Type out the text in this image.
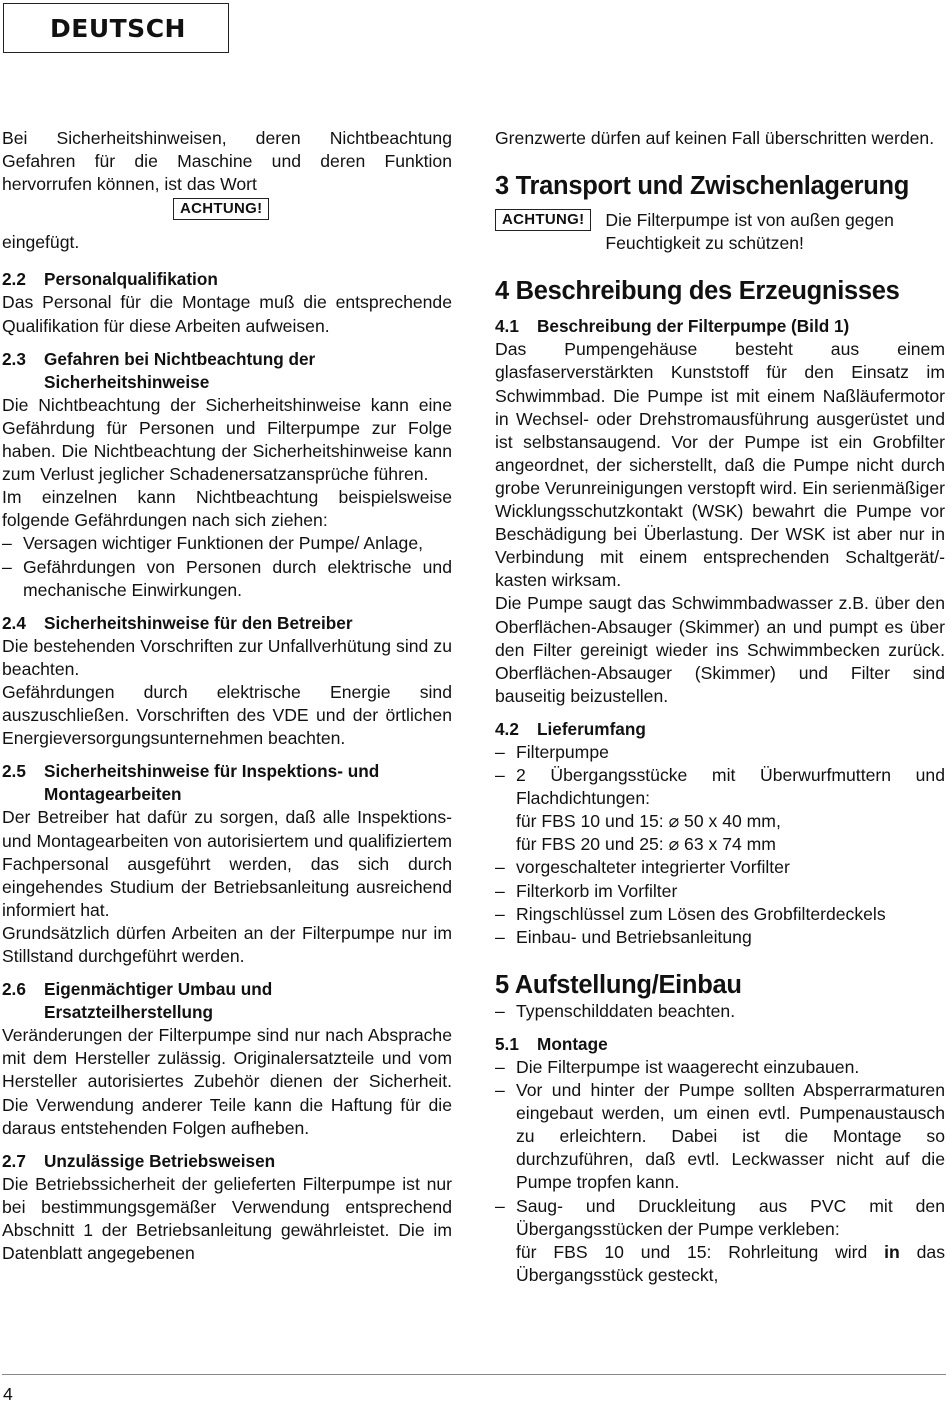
DEUTSCH

Bei Sicherheitshinweisen, deren Nichtbeachtung Gefahren für die Maschine und deren Funktion hervorrufen können, ist das Wort

ACHTUNG!

eingefügt.

2.2 Personalqualifikation

Das Personal für die Montage muß die entsprechende Qualifikation für diese Arbeiten aufweisen.

2.3 Gefahren bei Nichtbeachtung der
Sicherheitshinweise

Die Nichtbeachtung der Sicherheitshinweise kann eine Gefährdung für Personen und Filterpumpe zur Folge haben. Die Nichtbeachtung der Sicherheitshinweise kann zum Verlust jeglicher Schadenersatzansprüche führen.

Im einzelnen kann Nichtbeachtung beispielsweise folgende Gefährdungen nach sich ziehen:

– Versagen wichtiger Funktionen der Pumpe/ Anlage,
– Gefährdungen von Personen durch elektrische und mechanische Einwirkungen.

2.4 Sicherheitshinweise für den Betreiber

Die bestehenden Vorschriften zur Unfallverhütung sind zu beachten.

Gefährdungen durch elektrische Energie sind auszuschließen. Vorschriften des VDE und der örtlichen Energieversorgungsunternehmen beachten.

2.5 Sicherheitshinweise für Inspektions- und
Montagearbeiten

Der Betreiber hat dafür zu sorgen, daß alle Inspektions- und Montagearbeiten von autorisiertem und qualifiziertem Fachpersonal ausgeführt werden, das sich durch eingehendes Studium der Betriebsanleitung ausreichend informiert hat.

Grundsätzlich dürfen Arbeiten an der Filterpumpe nur im Stillstand durchgeführt werden.

2.6 Eigenmächtiger Umbau und
Ersatzteilherstellung

Veränderungen der Filterpumpe sind nur nach Absprache mit dem Hersteller zulässig. Originalersatzteile und vom Hersteller autorisiertes Zubehör dienen der Sicherheit. Die Verwendung anderer Teile kann die Haftung für die daraus entstehenden Folgen aufheben.

2.7 Unzulässige Betriebsweisen

Die Betriebssicherheit der gelieferten Filterpumpe ist nur bei bestimmungsgemäßer Verwendung entsprechend Abschnitt 1 der Betriebsanleitung gewährleistet. Die im Datenblatt angegebenen

Grenzwerte dürfen auf keinen Fall überschritten werden.

3 Transport und Zwischenlagerung

ACHTUNG!	Die Filterpumpe ist von außen gegen Feuchtigkeit zu schützen!

4 Beschreibung des Erzeugnisses

4.1 Beschreibung der Filterpumpe (Bild 1)

Das Pumpengehäuse besteht aus einem glasfaserverstärkten Kunststoff für den Einsatz im Schwimmbad. Die Pumpe ist mit einem Naßläufermotor in Wechsel- oder Drehstromausführung ausgerüstet und ist selbstansaugend. Vor der Pumpe ist ein Grobfilter angeordnet, der sicherstellt, daß die Pumpe nicht durch grobe Verunreinigungen verstopft wird. Ein serienmäßiger Wicklungsschutzkontakt (WSK) bewahrt die Pumpe vor Beschädigung bei Überlastung. Der WSK ist aber nur in Verbindung mit einem entsprechenden Schaltgerät/-kasten wirksam.

Die Pumpe saugt das Schwimmbadwasser z.B. über den Oberflächen-Absauger (Skimmer) an und pumpt es über den Filter gereinigt wieder ins Schwimmbecken zurück. Oberflächen-Absauger (Skimmer) und Filter sind bauseitig beizustellen.

4.2 Lieferumfang

– Filterpumpe
– 2 Übergangsstücke mit Überwurfmuttern und Flachdichtungen:
für FBS 10 und 15: ⌀ 50 x 40 mm,
für FBS 20 und 25: ⌀ 63 x 74 mm
– vorgeschalteter integrierter Vorfilter
– Filterkorb im Vorfilter
– Ringschlüssel zum Lösen des Grobfilterdeckels
– Einbau- und Betriebsanleitung

5 Aufstellung/Einbau

– Typenschilddaten beachten.

5.1 Montage

– Die Filterpumpe ist waagerecht einzubauen.
– Vor und hinter der Pumpe sollten Absperrarmaturen eingebaut werden, um einen evtl. Pumpenaustausch zu erleichtern. Dabei ist die Montage so durchzuführen, daß evtl. Leckwasser nicht auf die Pumpe tropfen kann.
– Saug- und Druckleitung aus PVC mit den Übergangsstücken der Pumpe verkleben:
für FBS 10 und 15: Rohrleitung wird in das Übergangsstück gesteckt,
4
